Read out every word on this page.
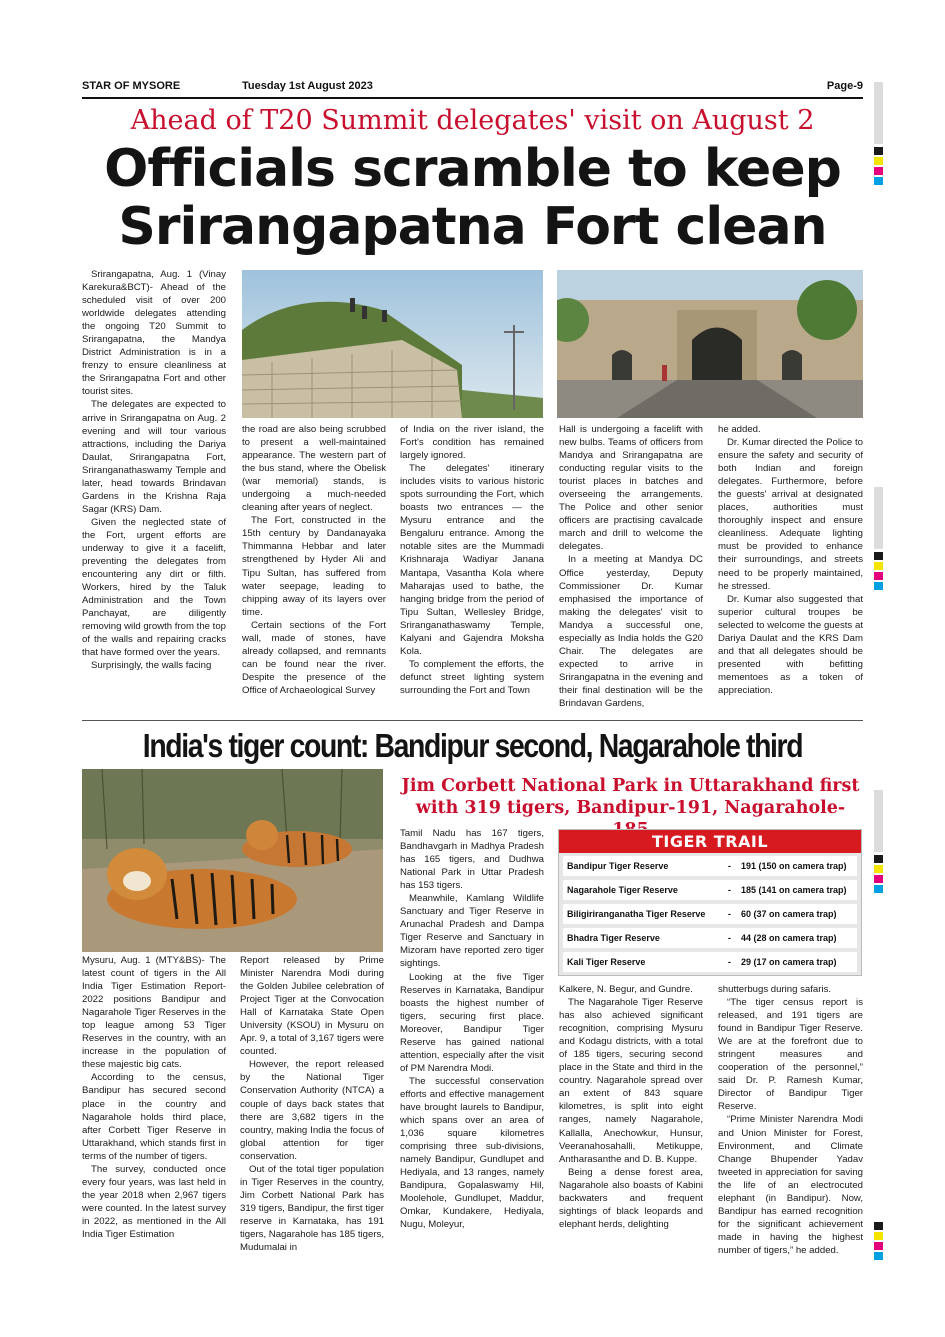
STAR OF MYSORE	Tuesday 1st August 2023	Page-9
Ahead of T20 Summit delegates' visit on August 2
Officials scramble to keep
Srirangapatna Fort clean

Srirangapatna, Aug. 1 (Vinay Karekura&BCT)- Ahead of the scheduled visit of over 200 worldwide delegates attending the ongoing T20 Summit to Srirangapatna, the Mandya District Administration is in a frenzy to ensure cleanliness at the Srirangapatna Fort and other tourist sites.

The delegates are expected to arrive in Srirangapatna on Aug. 2 evening and will tour various attractions, including the Dariya Daulat, Srirangapatna Fort, Sriranganathaswamy Temple and later, head towards Brindavan Gardens in the Krishna Raja Sagar (KRS) Dam.

Given the neglected state of the Fort, urgent efforts are underway to give it a facelift, preventing the delegates from encountering any dirt or filth. Workers, hired by the Taluk Administration and the Town Panchayat, are diligently removing wild growth from the top of the walls and repairing cracks that have formed over the years.

Surprisingly, the walls facing

the road are also being scrubbed to present a well-maintained appearance. The western part of the bus stand, where the Obelisk (war memorial) stands, is undergoing a much-needed cleaning after years of neglect.

The Fort, constructed in the 15th century by Dandanayaka Thimmanna Hebbar and later strengthened by Hyder Ali and Tipu Sultan, has suffered from water seepage, leading to chipping away of its layers over time.

Certain sections of the Fort wall, made of stones, have already collapsed, and remnants can be found near the river. Despite the presence of the Office of Archaeological Survey

of India on the river island, the Fort's condition has remained largely ignored.

The delegates' itinerary includes visits to various historic spots surrounding the Fort, which boasts two entrances — the Mysuru entrance and the Bengaluru entrance. Among the notable sites are the Mummadi Krishnaraja Wadiyar Janana Mantapa, Vasantha Kola where Maharajas used to bathe, the hanging bridge from the period of Tipu Sultan, Wellesley Bridge, Sriranganathaswamy Temple, Kalyani and Gajendra Moksha Kola.

To complement the efforts, the defunct street lighting system surrounding the Fort and Town

Hall is undergoing a facelift with new bulbs. Teams of officers from Mandya and Srirangapatna are conducting regular visits to the tourist places in batches and overseeing the arrangements. The Police and other senior officers are practising cavalcade march and drill to welcome the delegates.

In a meeting at Mandya DC Office yesterday, Deputy Commissioner Dr. Kumar emphasised the importance of making the delegates' visit to Mandya a successful one, especially as India holds the G20 Chair. The delegates are expected to arrive in Srirangapatna in the evening and their final destination will be the Brindavan Gardens,

he added.

Dr. Kumar directed the Police to ensure the safety and security of both Indian and foreign delegates. Furthermore, before the guests' arrival at designated places, authorities must thoroughly inspect and ensure cleanliness. Adequate lighting must be provided to enhance their surroundings, and streets need to be properly maintained, he stressed.

Dr. Kumar also suggested that superior cultural troupes be selected to welcome the guests at Dariya Daulat and the KRS Dam and that all delegates should be presented with befitting mementoes as a token of appreciation.

India's tiger count: Bandipur second, Nagarahole third
Jim Corbett National Park in Uttarakhand first
with 319 tigers, Bandipur-191, Nagarahole-
TIGER TRAIL
Bandipur Tiger Reserve	- 191 (150 on camera trap)
Nagarahole Tiger Reserve	- 185 (141 on camera trap)
Biligiriranganatha Tiger Reserve	- 60 (37 on camera trap)
Bhadra Tiger Reserve	- 44 (28 on camera trap)
Kali Tiger Reserve	- 29 (17 on camera trap)

Mysuru, Aug. 1 (MTY&BS)- The latest count of tigers in the All India Tiger Estimation Report-2022 positions Bandipur and Nagarahole Tiger Reserves in the top league among 53 Tiger Reserves in the country, with an increase in the population of these majestic big cats.

According to the census, Bandipur has secured second place in the country and Nagarahole holds third place, after Corbett Tiger Reserve in Uttarakhand, which stands first in terms of the number of tigers.

The survey, conducted once every four years, was last held in the year 2018 when 2,967 tigers were counted. In the latest survey in 2022, as mentioned in the All India Tiger Estimation

Report released by Prime Minister Narendra Modi during the Golden Jubilee celebration of Project Tiger at the Convocation Hall of Karnataka State Open University (KSOU) in Mysuru on Apr. 9, a total of 3,167 tigers were counted.

However, the report released by the National Tiger Conservation Authority (NTCA) a couple of days back states that there are 3,682 tigers in the country, making India the focus of global attention for tiger conservation.

Out of the total tiger population in Tiger Reserves in the country, Jim Corbett National Park has 319 tigers, Bandipur, the first tiger reserve in Karnataka, has 191 tigers, Nagarahole has 185 tigers, Mudumalai in

Tamil Nadu has 167 tigers, Bandhavgarh in Madhya Pradesh has 165 tigers, and Dudhwa National Park in Uttar Pradesh has 153 tigers.

Meanwhile, Kamlang Wildlife Sanctuary and Tiger Reserve in Arunachal Pradesh and Dampa Tiger Reserve and Sanctuary in Mizoram have reported zero tiger sightings.

Looking at the five Tiger Reserves in Karnataka, Bandipur boasts the highest number of tigers, securing first place. Moreover, Bandipur Tiger Reserve has gained national attention, especially after the visit of PM Narendra Modi.

The successful conservation efforts and effective management have brought laurels to Bandipur, which spans over an area of 1,036 square kilometres comprising three sub-divisions, namely Bandipur, Gundlupet and Hediyala, and 13 ranges, namely Bandipura, Gopalaswamy Hil, Moolehole, Gundlupet, Maddur, Omkar, Kundakere, Hediyala, Nugu, Moleyur,

Kalkere, N. Begur, and Gundre.

The Nagarahole Tiger Reserve has also achieved significant recognition, comprising Mysuru and Kodagu districts, with a total of 185 tigers, securing second place in the State and third in the country. Nagarahole spread over an extent of 843 square kilometres, is split into eight ranges, namely Nagarahole, Kallalla, Anechowkur, Hunsur, Veeranahosahalli, Metikuppe, Antharasanthe and D. B. Kuppe.

Being a dense forest area, Nagarahole also boasts of Kabini backwaters and frequent sightings of black leopards and elephant herds, delighting

shutterbugs during safaris.

“The tiger census report is released, and 191 tigers are found in Bandipur Tiger Reserve. We are at the forefront due to stringent measures and cooperation of the personnel,” said Dr. P. Ramesh Kumar, Director of Bandipur Tiger Reserve.

“Prime Minister Narendra Modi and Union Minister for Forest, Environment, and Climate Change Bhupender Yadav tweeted in appreciation for saving the life of an electrocuted elephant (in Bandipur). Now, Bandipur has earned recognition for the significant achievement made in having the highest number of tigers,” he added.
